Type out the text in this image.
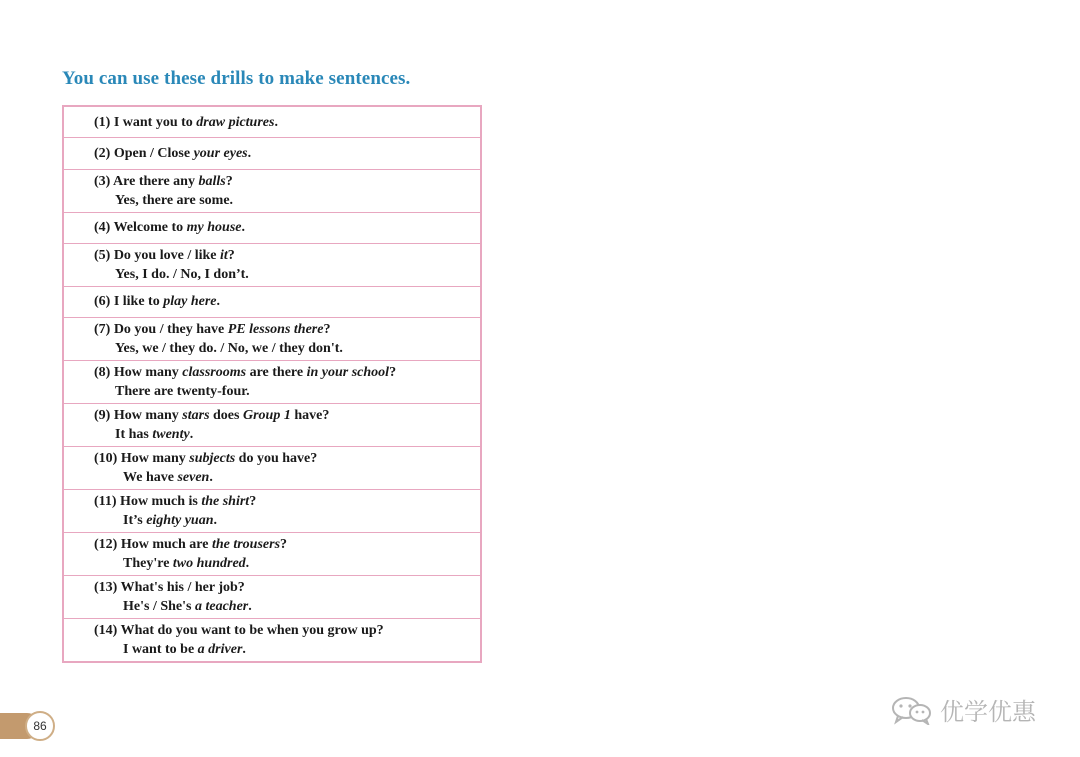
You can use these drills to make sentences.
(1) I want you to draw pictures.
(2) Open / Close your eyes.
(3) Are there any balls?
Yes, there are some.
(4) Welcome to my house.
(5) Do you love / like it?
Yes, I do. / No, I don’t.
(6) I like to play here.
(7) Do you / they have PE lessons there?
Yes, we / they do. / No, we / they don't.
(8) How many classrooms are there in your school?
There are twenty-four.
(9) How many stars does Group 1 have?
It has twenty.
(10) How many subjects do you have?
We have seven.
(11) How much is the shirt?
It’s eighty yuan.
(12) How much are the trousers?
They're two hundred.
(13) What's his / her job?
He's / She's a teacher.
(14) What do you want to be when you grow up?
I want to be a driver.
86	优学优惠
